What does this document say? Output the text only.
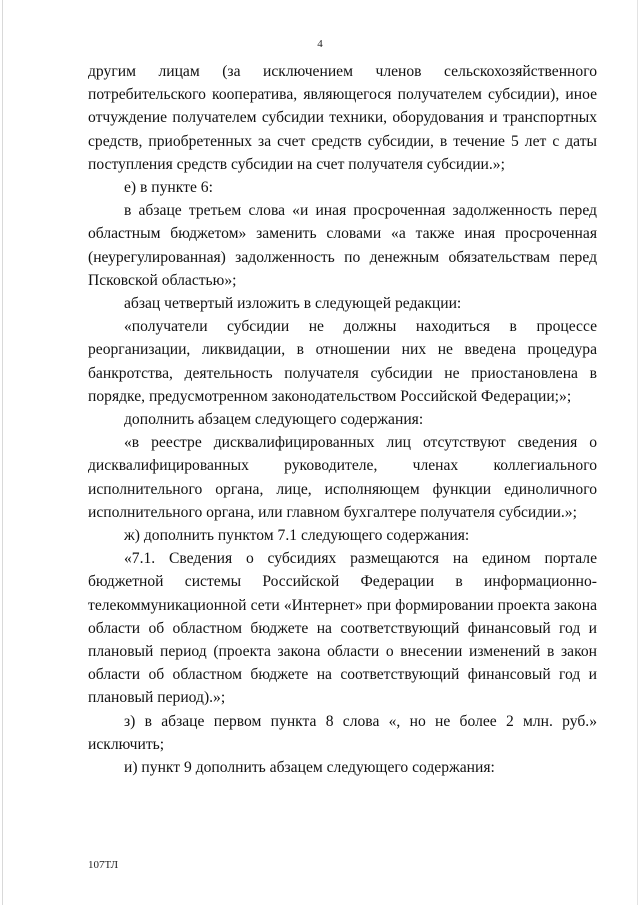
4

другим лицам (за исключением членов сельскохозяйственного потребительского кооператива, являющегося получателем субсидии), иное отчуждение получателем субсидии техники, оборудования и транспортных средств, приобретенных за счет средств субсидии, в течение 5 лет с даты поступления средств субсидии на счет получателя субсидии.»;

е) в пункте 6:

в абзаце третьем слова «и иная просроченная задолженность перед областным бюджетом» заменить словами «а также иная просроченная (неурегулированная) задолженность по денежным обязательствам перед Псковской областью»;

абзац четвертый изложить в следующей редакции:

«получатели субсидии не должны находиться в процессе реорганизации, ликвидации, в отношении них не введена процедура банкротства, деятельность получателя субсидии не приостановлена в порядке, предусмотренном законодательством Российской Федерации;»;

дополнить абзацем следующего содержания:

«в реестре дисквалифицированных лиц отсутствуют сведения о дисквалифицированных руководителе, членах коллегиального исполнительного органа, лице, исполняющем функции единоличного исполнительного органа, или главном бухгалтере получателя субсидии.»;

ж) дополнить пунктом 7.1 следующего содержания:

«7.1. Сведения о субсидиях размещаются на едином портале бюджетной системы Российской Федерации в информационно-телекоммуникационной сети «Интернет» при формировании проекта закона области об областном бюджете на соответствующий финансовый год и плановый период (проекта закона области о внесении изменений в закон области об областном бюджете на соответствующий финансовый год и плановый период).»;

з) в абзаце первом пункта 8 слова «, но не более 2 млн. руб.» исключить;

и) пункт 9 дополнить абзацем следующего содержания:

107ТЛ
